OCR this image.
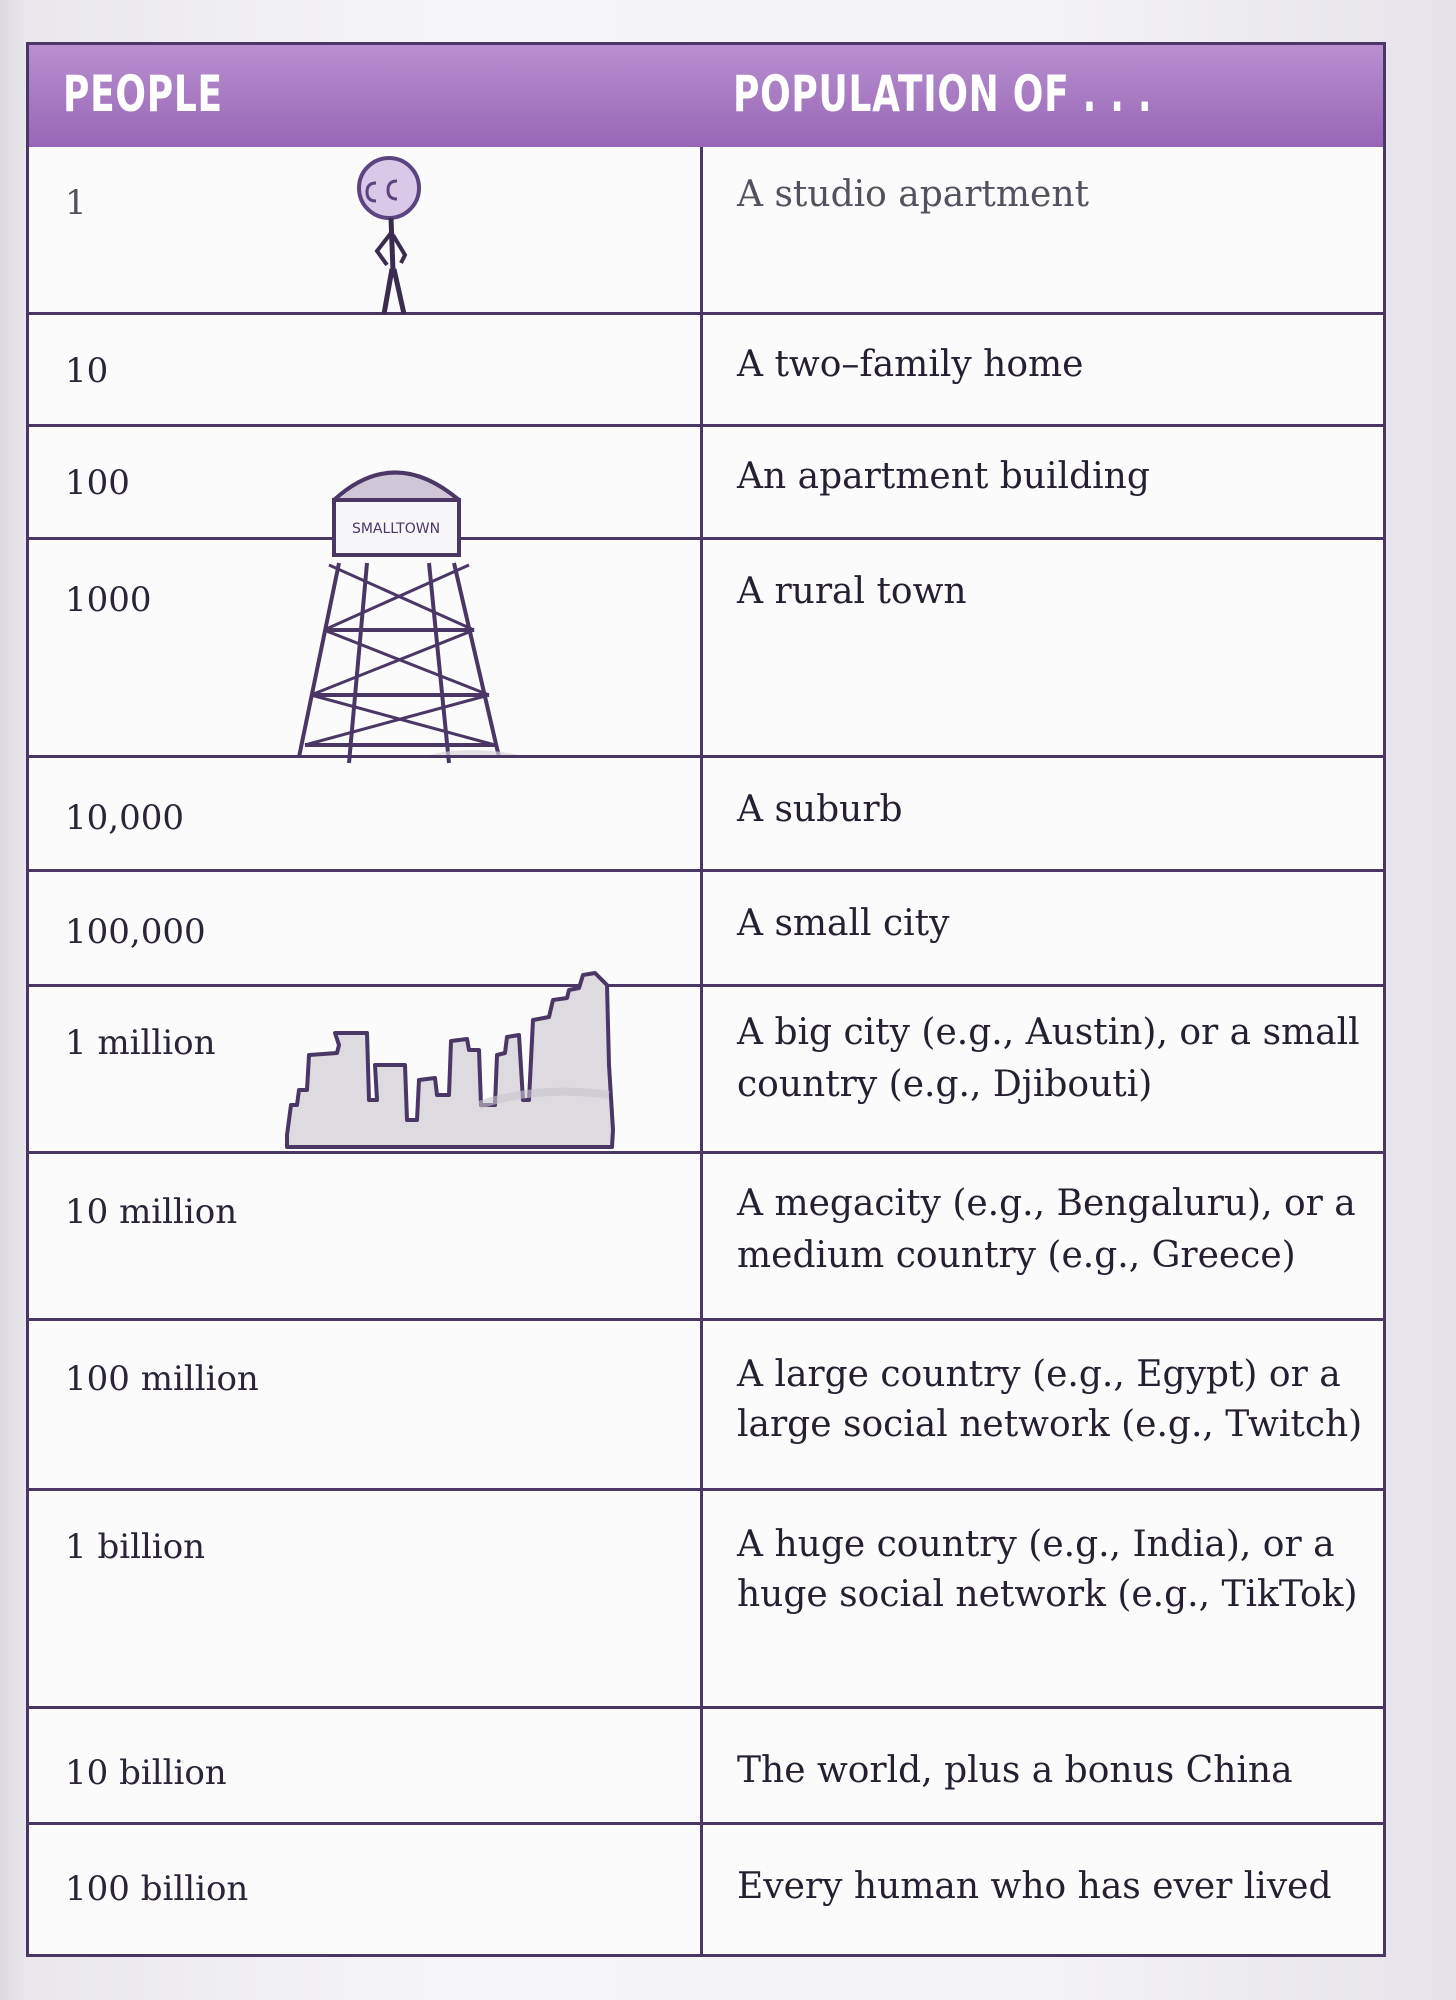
PEOPLE	POPULATION OF . . .
1	A studio apartment
10	A two–family home
100	An apartment building
1000	A rural town
10,000	A suburb
100,000	A small city
1 million	A big city (e.g., Austin), or a small
country (e.g., Djibouti)
10 million	A megacity (e.g., Bengaluru), or a
medium country (e.g., Greece)
100 million	A large country (e.g., Egypt) or a
large social network (e.g., Twitch)
1 billion	A huge country (e.g., India), or a
huge social network (e.g., TikTok)
10 billion	The world, plus a bonus China
100 billion	Every human who has ever lived
SMALLTOWN
